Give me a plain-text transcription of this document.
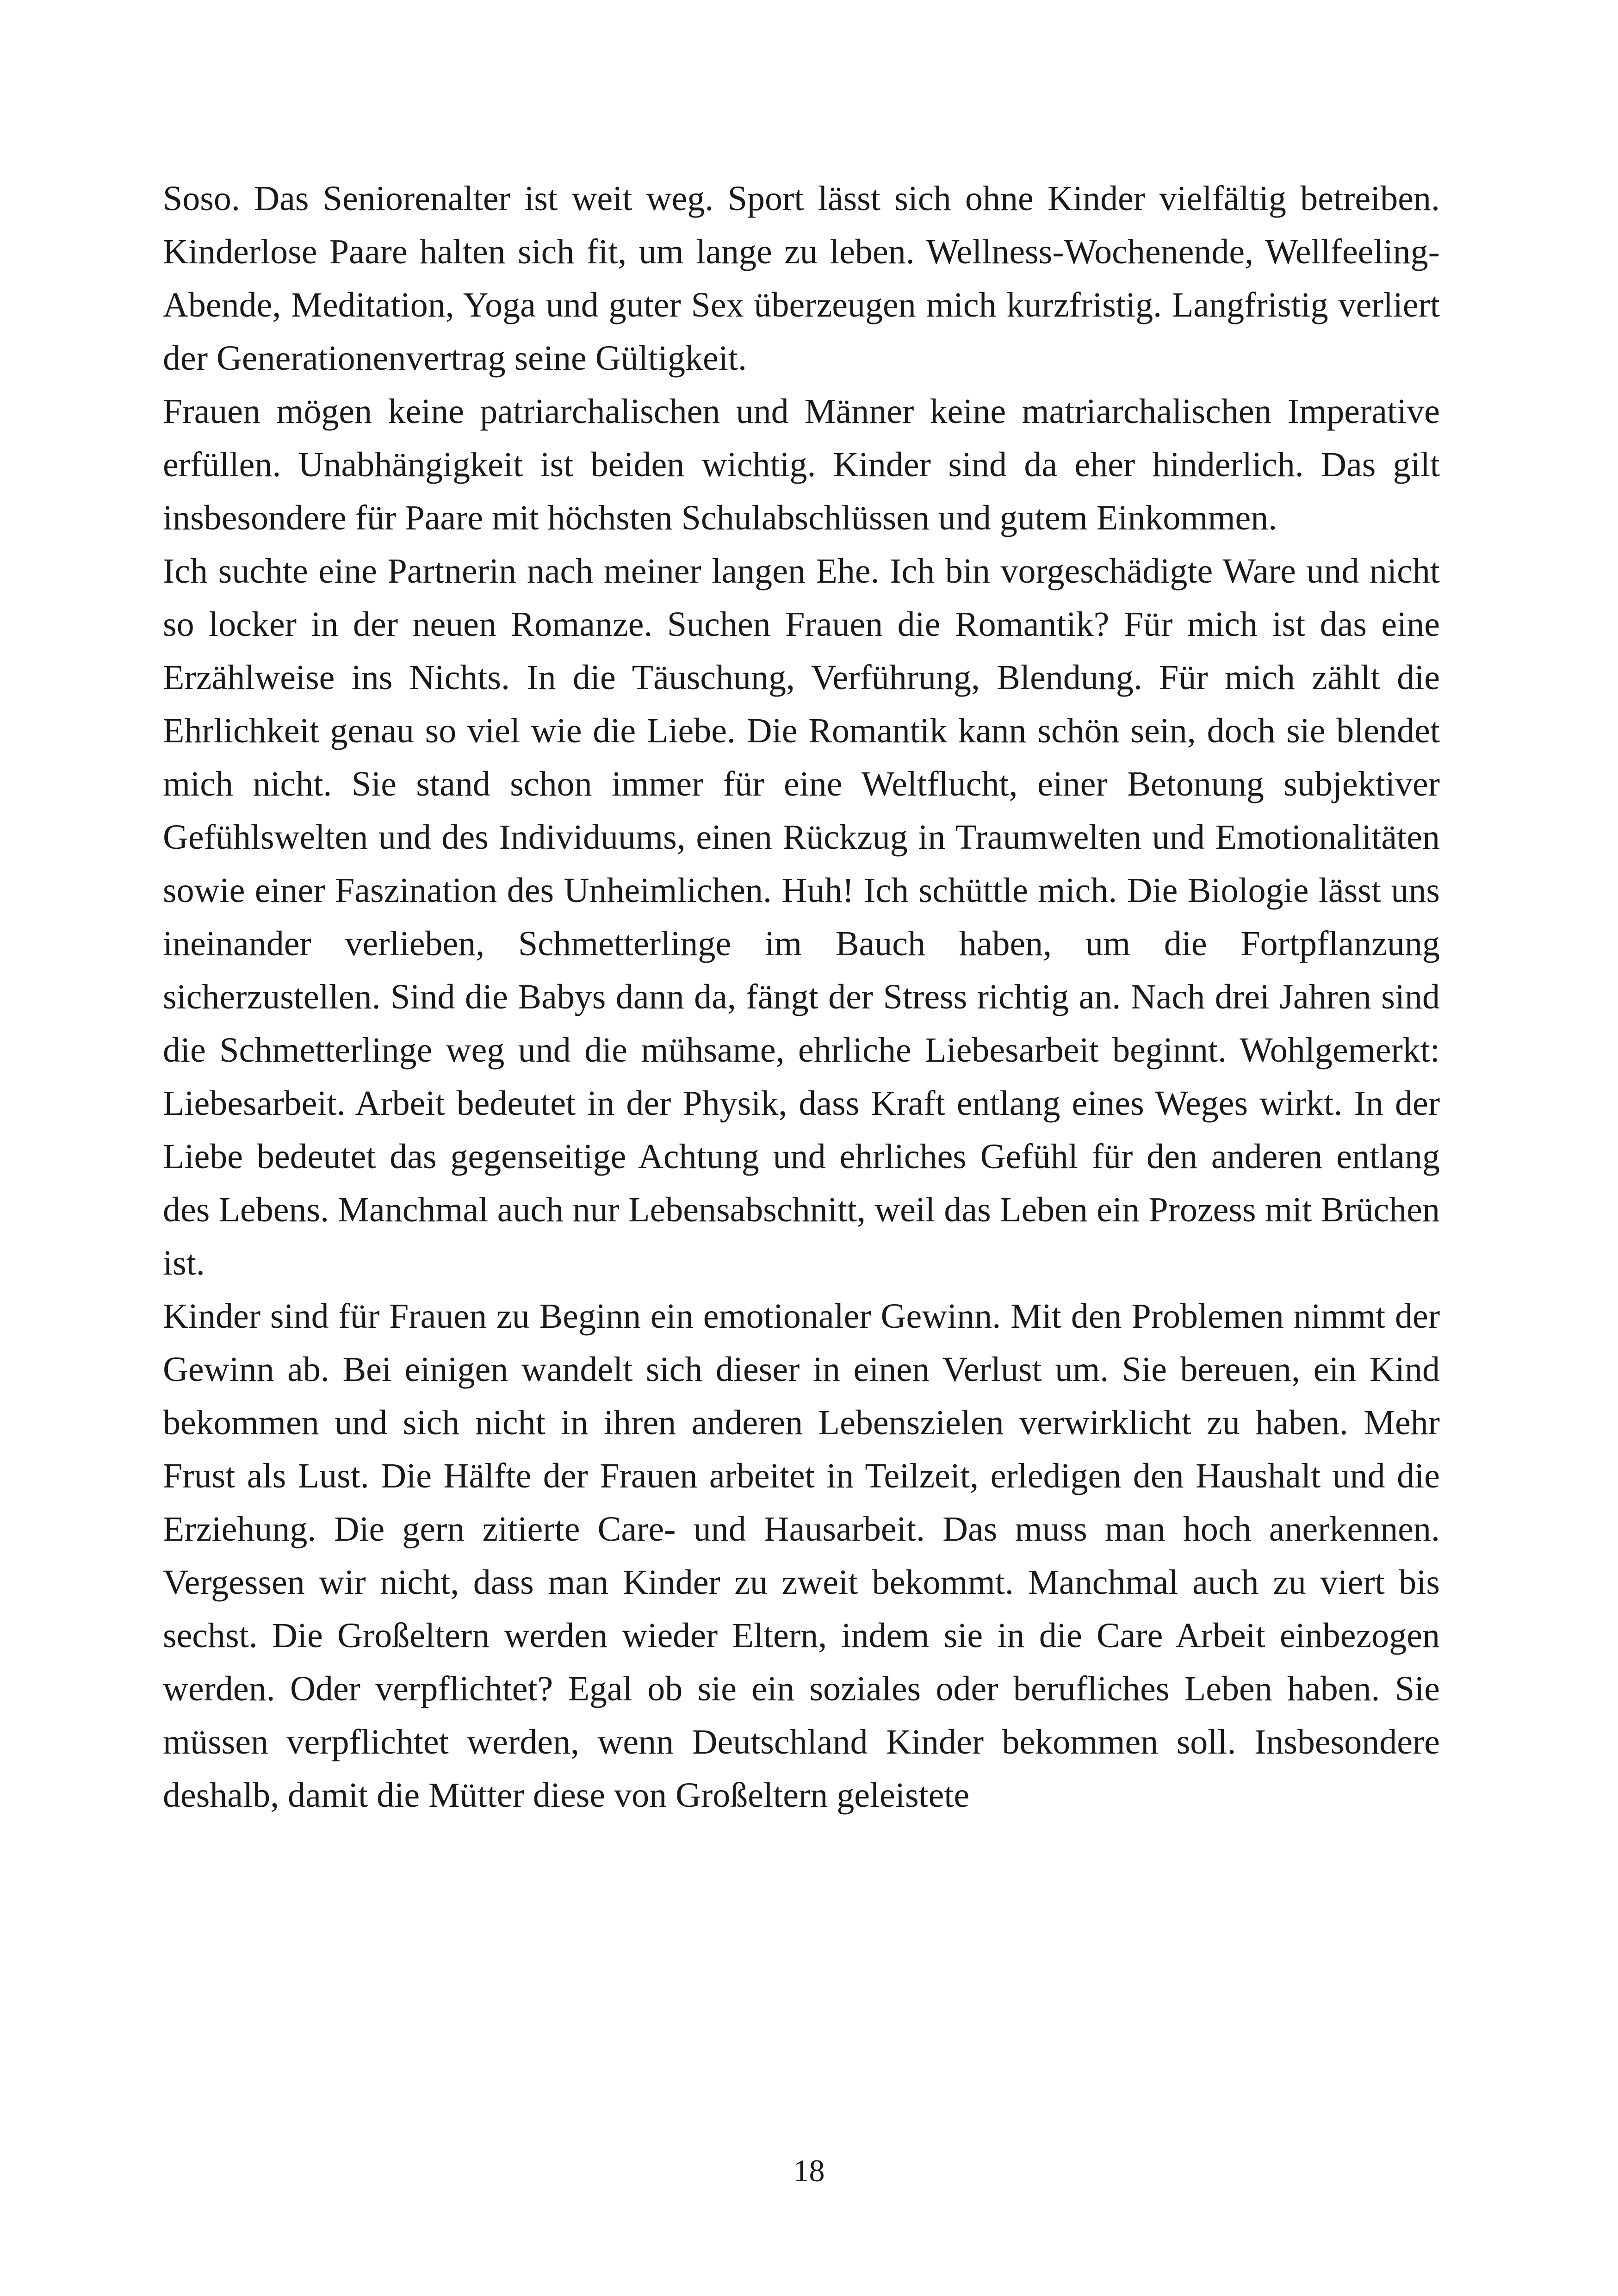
Soso. Das Seniorenalter ist weit weg. Sport lässt sich ohne Kinder vielfältig betreiben. Kinderlose Paare halten sich fit, um lange zu leben. Wellness-Wochenende, Wellfeeling-Abende, Meditation, Yoga und guter Sex überzeugen mich kurzfristig. Langfristig verliert der Generationenvertrag seine Gültigkeit.

Frauen mögen keine patriarchalischen und Männer keine matriarchalischen Imperative erfüllen. Unabhängigkeit ist beiden wichtig. Kinder sind da eher hinderlich. Das gilt insbesondere für Paare mit höchsten Schulabschlüssen und gutem Einkommen.

Ich suchte eine Partnerin nach meiner langen Ehe. Ich bin vorgeschädigte Ware und nicht so locker in der neuen Romanze. Suchen Frauen die Romantik? Für mich ist das eine Erzählweise ins Nichts. In die Täuschung, Verführung, Blendung. Für mich zählt die Ehrlichkeit genau so viel wie die Liebe. Die Romantik kann schön sein, doch sie blendet mich nicht. Sie stand schon immer für eine Weltflucht, einer Betonung subjektiver Gefühlswelten und des Individuums, einen Rückzug in Traumwelten und Emotionalitäten sowie einer Faszination des Unheimlichen. Huh! Ich schüttle mich. Die Biologie lässt uns ineinander verlieben, Schmetterlinge im Bauch haben, um die Fortpflanzung sicherzustellen. Sind die Babys dann da, fängt der Stress richtig an. Nach drei Jahren sind die Schmetterlinge weg und die mühsame, ehrliche Liebesarbeit beginnt. Wohlgemerkt: Liebesarbeit. Arbeit bedeutet in der Physik, dass Kraft entlang eines Weges wirkt. In der Liebe bedeutet das gegenseitige Achtung und ehrliches Gefühl für den anderen entlang des Lebens. Manchmal auch nur Lebensabschnitt, weil das Leben ein Prozess mit Brüchen ist.

Kinder sind für Frauen zu Beginn ein emotionaler Gewinn. Mit den Problemen nimmt der Gewinn ab. Bei einigen wandelt sich dieser in einen Verlust um. Sie bereuen, ein Kind bekommen und sich nicht in ihren anderen Lebenszielen verwirklicht zu haben. Mehr Frust als Lust. Die Hälfte der Frauen arbeitet in Teilzeit, erledigen den Haushalt und die Erziehung. Die gern zitierte Care- und Hausarbeit. Das muss man hoch anerkennen. Vergessen wir nicht, dass man Kinder zu zweit bekommt. Manchmal auch zu viert bis sechst. Die Großeltern werden wieder Eltern, indem sie in die Care Arbeit einbezogen werden. Oder verpflichtet? Egal ob sie ein soziales oder berufliches Leben haben. Sie müssen verpflichtet werden, wenn Deutschland Kinder bekommen soll. Insbesondere deshalb, damit die Mütter diese von Großeltern geleistete

18
